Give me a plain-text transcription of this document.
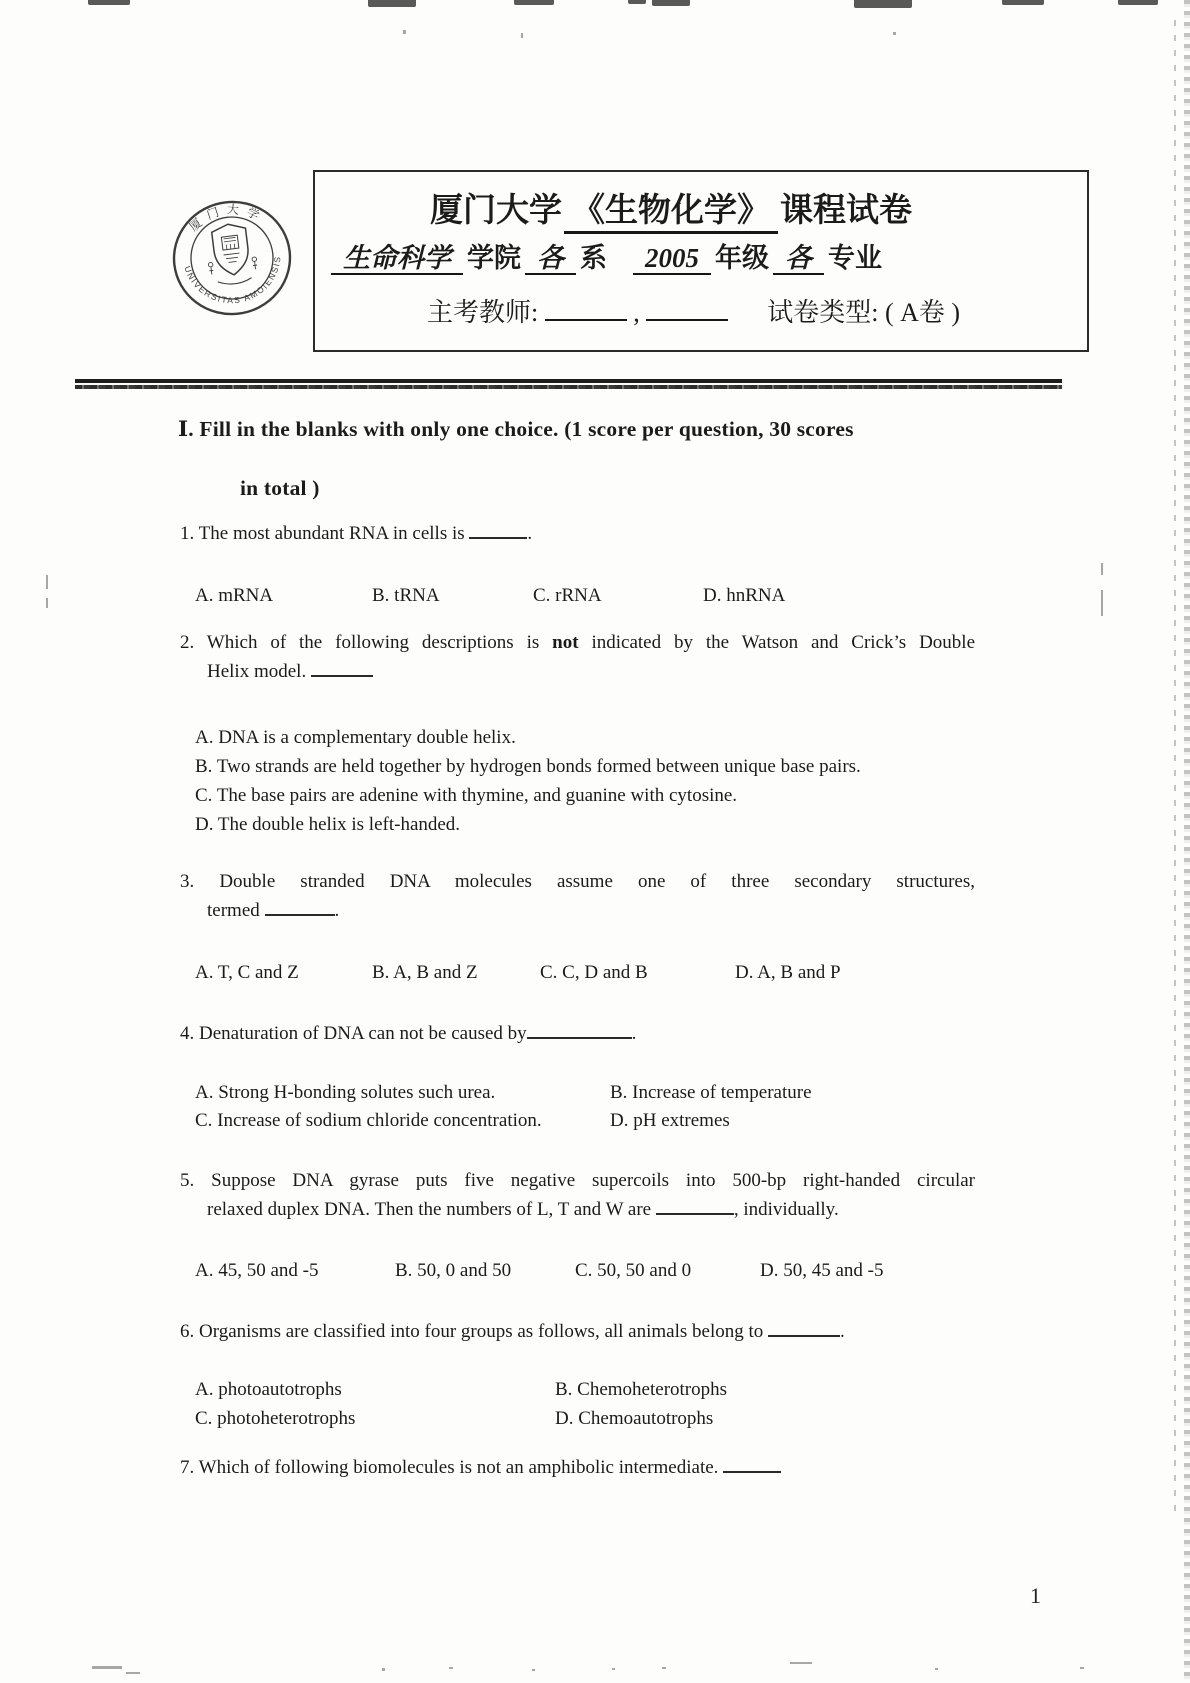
厦门大学
UNIVERSITAS AMOIENSIS
厦门大学 《生物化学》 课程试卷
生命科学 学院 各 系 2005 年级 各 专业
主考教师:	,	试卷类型: ( A卷 )
Ⅰ. Fill in the blanks with only one choice. (1 score per question, 30 scores
in total )
1. The most abundant RNA in cells is	.
A. mRNA	B. tRNA	C. rRNA	D. hnRNA
2. Which of the following descriptions is not indicated by the Watson and Crick’s Double
Helix model.
A. DNA is a complementary double helix.
B. Two strands are held together by hydrogen bonds formed between unique base pairs.
C. The base pairs are adenine with thymine, and guanine with cytosine.
D. The double helix is left-handed.
3. Double stranded DNA molecules assume one of three secondary structures,
termed	.
A. T, C and Z	B. A, B and Z	C. C, D and B	D. A, B and P
4. Denaturation of DNA can not be caused by	.
A. Strong H-bonding solutes such urea.	B. Increase of temperature
C. Increase of sodium chloride concentration.	D. pH extremes
5. Suppose DNA gyrase puts five negative supercoils into 500-bp right-handed circular
relaxed duplex DNA. Then the numbers of L, T and W are	, individually.
A. 45, 50 and -5	B. 50, 0 and 50	C. 50, 50 and 0	D. 50, 45 and -5
6. Organisms are classified into four groups as follows, all animals belong to	.
A. photoautotrophs	B. Chemoheterotrophs
C. photoheterotrophs	D. Chemoautotrophs
7. Which of following biomolecules is not an amphibolic intermediate.
1
